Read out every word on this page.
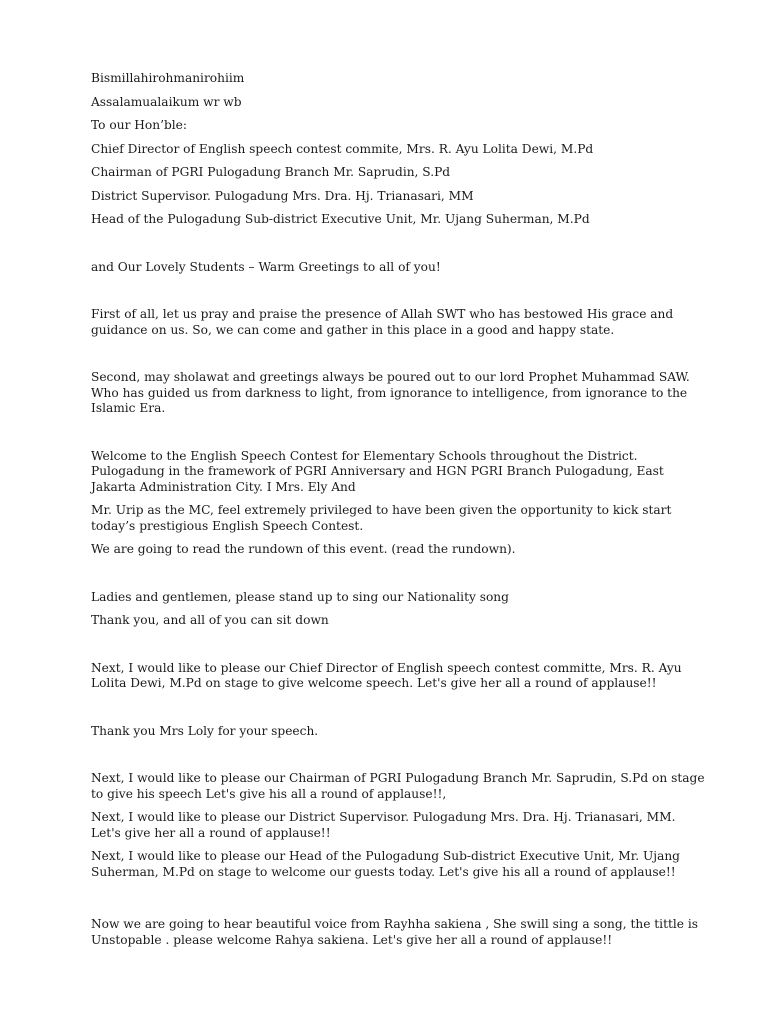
Bismillahirohmanirohiim

Assalamualaikum wr wb

To our Hon’ble:

Chief Director of English speech contest commite, Mrs. R. Ayu Lolita Dewi, M.Pd

Chairman of PGRI Pulogadung Branch Mr. Saprudin, S.Pd

District Supervisor. Pulogadung Mrs. Dra. Hj. Trianasari, MM

Head of the Pulogadung Sub-district Executive Unit, Mr. Ujang Suherman, M.Pd

and Our Lovely Students – Warm Greetings to all of you!

First of all, let us pray and praise the presence of Allah SWT who has bestowed His grace and guidance on us. So, we can come and gather in this place in a good and happy state.

Second, may sholawat and greetings always be poured out to our lord Prophet Muhammad SAW. Who has guided us from darkness to light, from ignorance to intelligence, from ignorance to the Islamic Era.

Welcome to the English Speech Contest for Elementary Schools throughout the District. Pulogadung in the framework of PGRI Anniversary and HGN PGRI Branch Pulogadung, East Jakarta Administration City. I Mrs. Ely And

Mr. Urip as the MC, feel extremely privileged to have been given the opportunity to kick start today’s prestigious English Speech Contest.

We are going to read the rundown of this event. (read the rundown).

Ladies and gentlemen, please stand up to sing our Nationality song

Thank you, and all of you can sit down

Next, I would like to please our Chief Director of English speech contest committe, Mrs. R. Ayu Lolita Dewi, M.Pd on stage to give welcome speech. Let's give her all a round of applause!!

Thank you Mrs Loly for your speech.

Next, I would like to please our Chairman of PGRI Pulogadung Branch Mr. Saprudin, S.Pd on stage to give his speech Let's give his all a round of applause!!,

Next, I would like to please our District Supervisor. Pulogadung Mrs. Dra. Hj. Trianasari, MM. Let's give her all a round of applause!!

Next, I would like to please our Head of the Pulogadung Sub-district Executive Unit, Mr. Ujang Suherman, M.Pd on stage to welcome our guests today. Let's give his all a round of applause!!

Now we are going to hear beautiful voice from Rayhha sakiena , She swill sing a song, the tittle is Unstopable . please welcome Rahya sakiena. Let's give her all a round of applause!!
